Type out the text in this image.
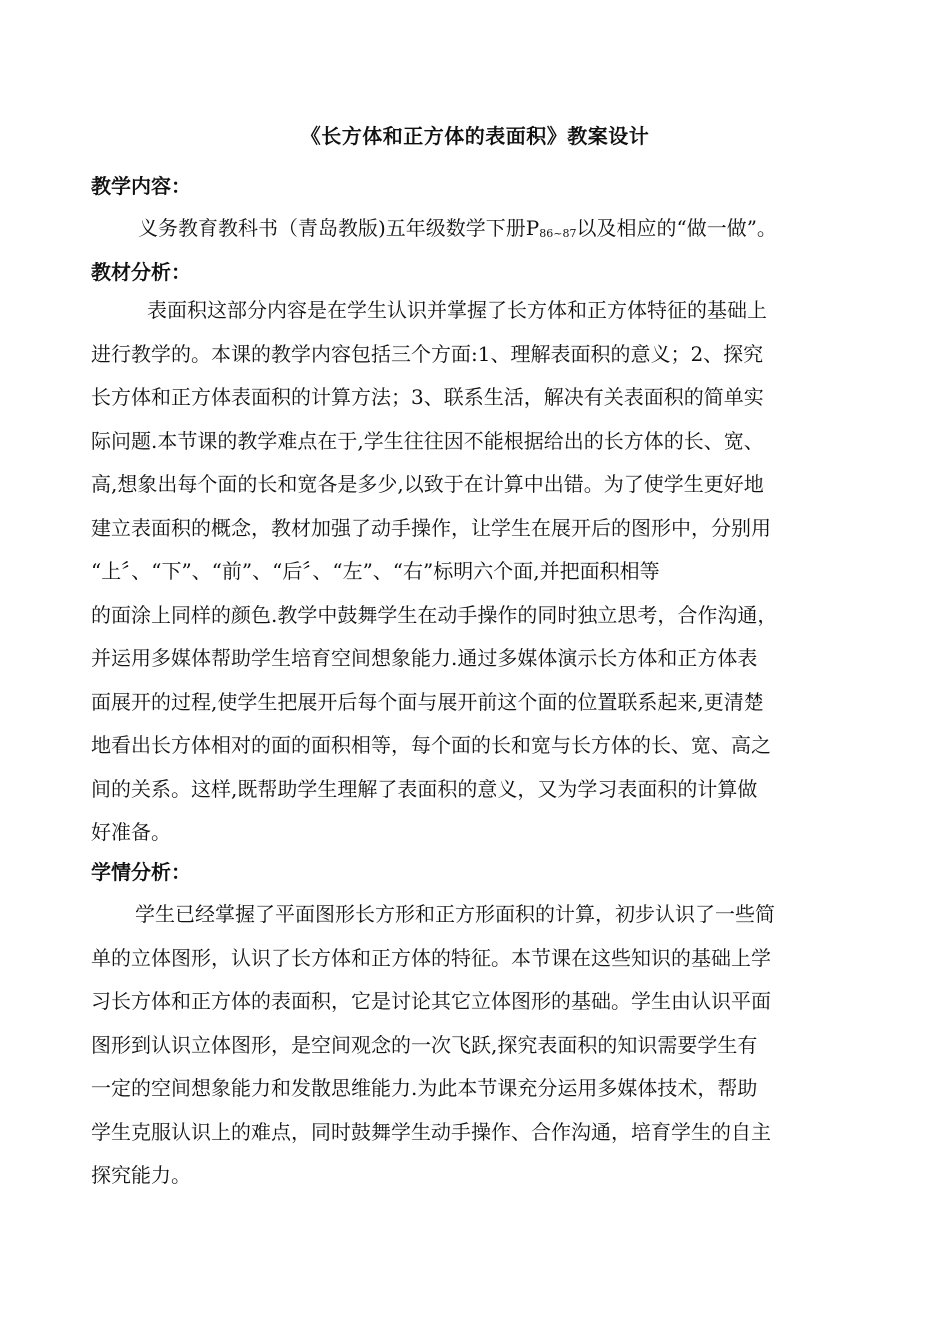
《长方体和正方体的表面积》教案设计
教学内容：
义务教育教科书（青岛教版)五年级数学下册$P_{86\sim 87}$以及相应的“做一做”。
教材分析：
表面积这部分内容是在学生认识并掌握了长方体和正方体特征的基础上
进行教学的。本课的教学内容包括三个方面:1、理解表面积的意义；2、探究
长方体和正方体表面积的计算方法；3、联系生活，解决有关表面积的简单实
际问题.本节课的教学难点在于,学生往往因不能根据给出的长方体的长、宽、
高,想象出每个面的长和宽各是多少,以致于在计算中出错。为了使学生更好地
建立表面积的概念，教材加强了动手操作，让学生在展开后的图形中，分别用
“上〞、“下”、“前”、“后〞、“左”、“右”标明六个面,并把面积相等
的面涂上同样的颜色.教学中鼓舞学生在动手操作的同时独立思考，合作沟通，
并运用多媒体帮助学生培育空间想象能力.通过多媒体演示长方体和正方体表
面展开的过程,使学生把展开后每个面与展开前这个面的位置联系起来,更清楚
地看出长方体相对的面的面积相等，每个面的长和宽与长方体的长、宽、高之
间的关系。这样,既帮助学生理解了表面积的意义，又为学习表面积的计算做
好准备。
学情分析：
学生已经掌握了平面图形长方形和正方形面积的计算，初步认识了一些简
单的立体图形，认识了长方体和正方体的特征。本节课在这些知识的基础上学
习长方体和正方体的表面积，它是讨论其它立体图形的基础。学生由认识平面
图形到认识立体图形，是空间观念的一次飞跃,探究表面积的知识需要学生有
一定的空间想象能力和发散思维能力.为此本节课充分运用多媒体技术，帮助
学生克服认识上的难点，同时鼓舞学生动手操作、合作沟通，培育学生的自主
探究能力。
